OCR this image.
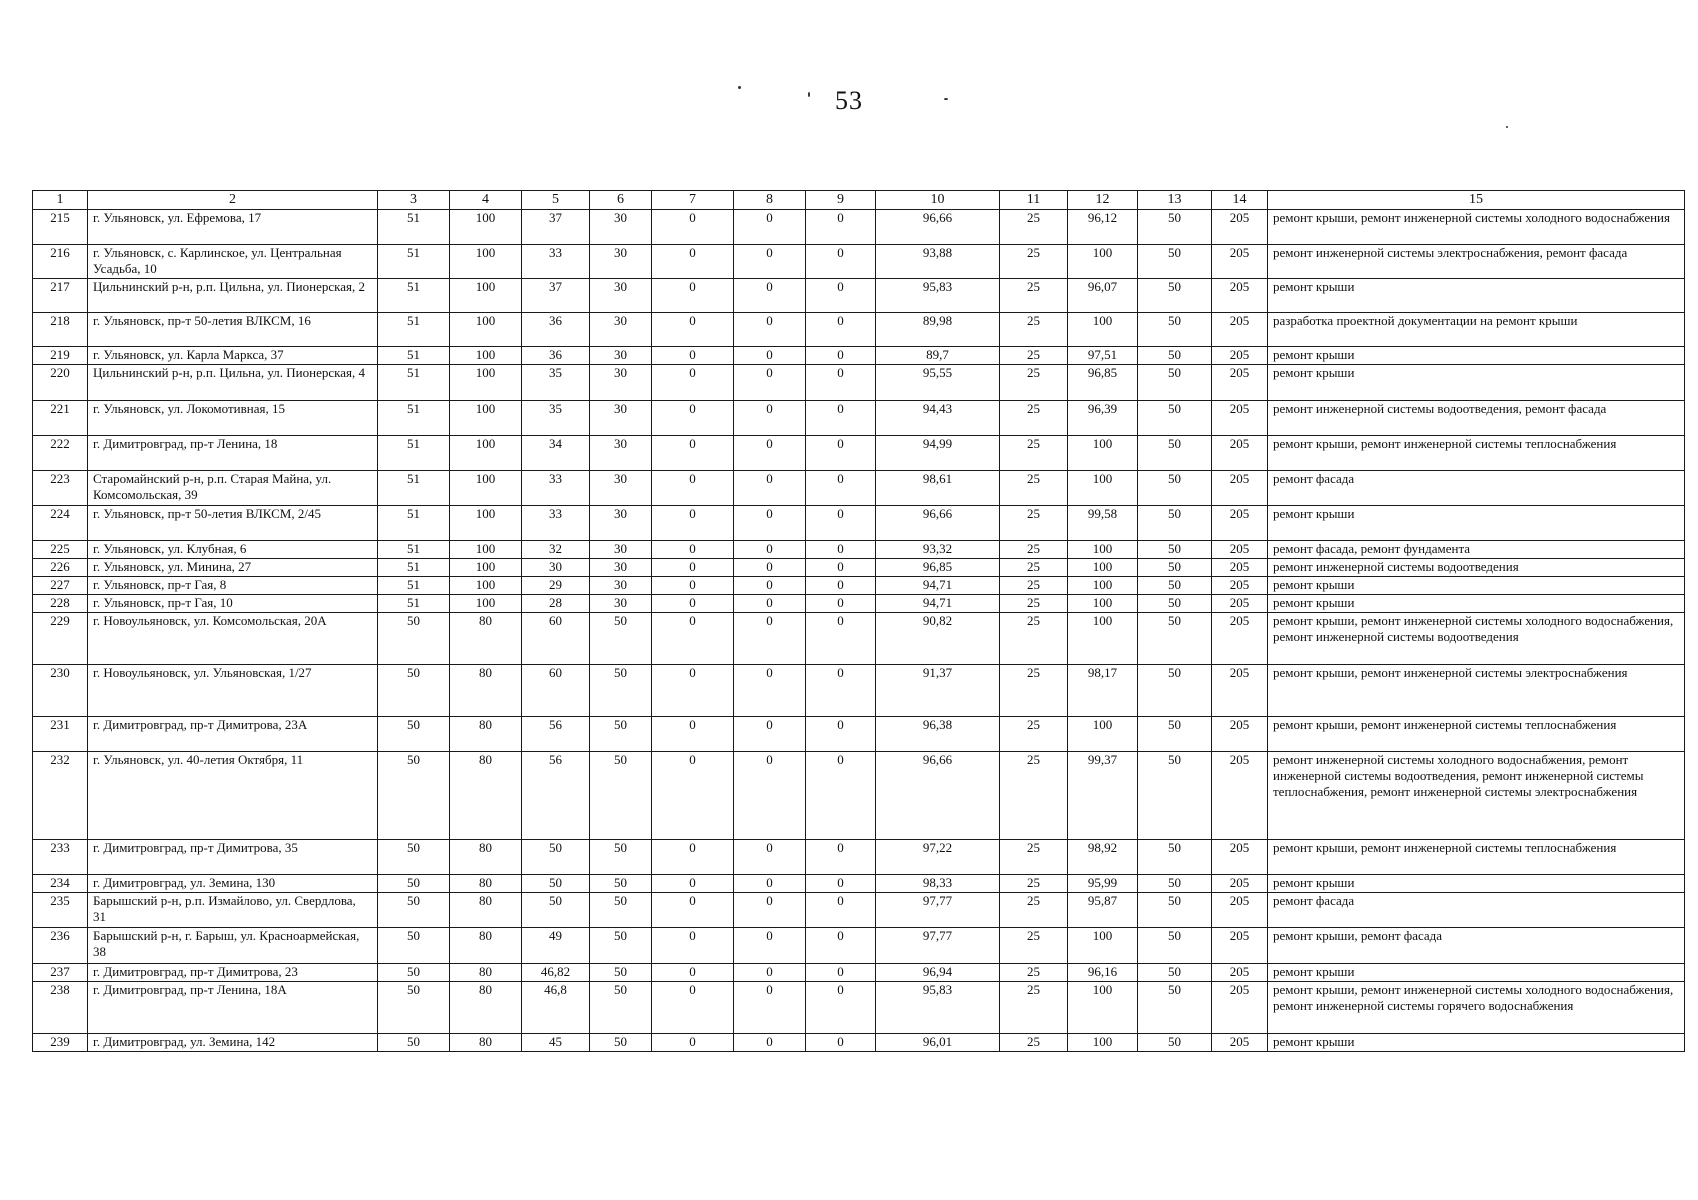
53
1	2	3	4	5	6	7	8	9	10	11	12	13	14	15
215	г. Ульяновск, ул. Ефремова, 17	51	100	37	30	0	0	0	96,66	25	96,12	50	205	ремонт крыши, ремонт инженерной системы холодного водоснабжения
216	г. Ульяновск, с. Карлинское, ул. Центральная Усадьба, 10	51	100	33	30	0	0	0	93,88	25	100	50	205	ремонт инженерной системы электроснабжения, ремонт фасада
217	Цильнинский р-н, р.п. Цильна, ул. Пионерская, 2	51	100	37	30	0	0	0	95,83	25	96,07	50	205	ремонт крыши
218	г. Ульяновск, пр-т 50-летия ВЛКСМ, 16	51	100	36	30	0	0	0	89,98	25	100	50	205	разработка проектной документации на ремонт крыши
219	г. Ульяновск, ул. Карла Маркса, 37	51	100	36	30	0	0	0	89,7	25	97,51	50	205	ремонт крыши
220	Цильнинский р-н, р.п. Цильна, ул. Пионерская, 4	51	100	35	30	0	0	0	95,55	25	96,85	50	205	ремонт крыши
221	г. Ульяновск, ул. Локомотивная, 15	51	100	35	30	0	0	0	94,43	25	96,39	50	205	ремонт инженерной системы водоотведения, ремонт фасада
222	г. Димитровград, пр-т Ленина, 18	51	100	34	30	0	0	0	94,99	25	100	50	205	ремонт крыши, ремонт инженерной системы теплоснабжения
223	Старомайнский р-н, р.п. Старая Майна, ул. Комсомольская, 39	51	100	33	30	0	0	0	98,61	25	100	50	205	ремонт фасада
224	г. Ульяновск, пр-т 50-летия ВЛКСМ, 2/45	51	100	33	30	0	0	0	96,66	25	99,58	50	205	ремонт крыши
225	г. Ульяновск, ул. Клубная, 6	51	100	32	30	0	0	0	93,32	25	100	50	205	ремонт фасада, ремонт фундамента
226	г. Ульяновск, ул. Минина, 27	51	100	30	30	0	0	0	96,85	25	100	50	205	ремонт инженерной системы водоотведения
227	г. Ульяновск, пр-т Гая, 8	51	100	29	30	0	0	0	94,71	25	100	50	205	ремонт крыши
228	г. Ульяновск, пр-т Гая, 10	51	100	28	30	0	0	0	94,71	25	100	50	205	ремонт крыши
229	г. Новоульяновск, ул. Комсомольская, 20А	50	80	60	50	0	0	0	90,82	25	100	50	205	ремонт крыши, ремонт инженерной системы холодного водоснабжения, ремонт инженерной системы водоотведения
230	г. Новоульяновск, ул. Ульяновская, 1/27	50	80	60	50	0	0	0	91,37	25	98,17	50	205	ремонт крыши, ремонт инженерной системы электроснабжения
231	г. Димитровград, пр-т Димитрова, 23А	50	80	56	50	0	0	0	96,38	25	100	50	205	ремонт крыши, ремонт инженерной системы теплоснабжения
232	г. Ульяновск, ул. 40-летия Октября, 11	50	80	56	50	0	0	0	96,66	25	99,37	50	205	ремонт инженерной системы холодного водоснабжения, ремонт инженерной системы водоотведения, ремонт инженерной системы теплоснабжения, ремонт инженерной системы электроснабжения
233	г. Димитровград, пр-т Димитрова, 35	50	80	50	50	0	0	0	97,22	25	98,92	50	205	ремонт крыши, ремонт инженерной системы теплоснабжения
234	г. Димитровград, ул. Земина, 130	50	80	50	50	0	0	0	98,33	25	95,99	50	205	ремонт крыши
235	Барышский р-н, р.п. Измайлово, ул. Свердлова, 31	50	80	50	50	0	0	0	97,77	25	95,87	50	205	ремонт фасада
236	Барышский р-н, г. Барыш, ул. Красноармейская, 38	50	80	49	50	0	0	0	97,77	25	100	50	205	ремонт крыши, ремонт фасада
237	г. Димитровград, пр-т Димитрова, 23	50	80	46,82	50	0	0	0	96,94	25	96,16	50	205	ремонт крыши
238	г. Димитровград, пр-т Ленина, 18А	50	80	46,8	50	0	0	0	95,83	25	100	50	205	ремонт крыши, ремонт инженерной системы холодного водоснабжения, ремонт инженерной системы горячего водоснабжения
239	г. Димитровград, ул. Земина, 142	50	80	45	50	0	0	0	96,01	25	100	50	205	ремонт крыши
